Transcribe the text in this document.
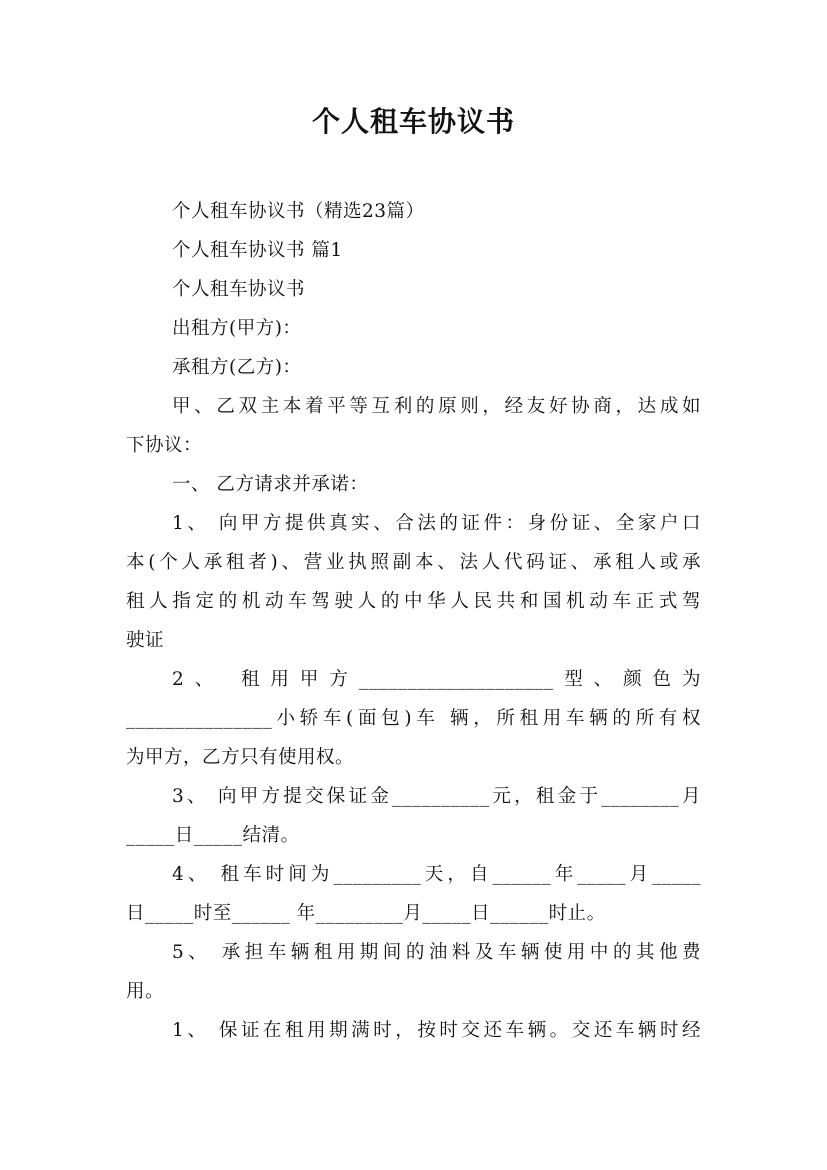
个人租车协议书
个人租车协议书（精选23篇）
个人租车协议书 篇1
个人租车协议书
出租方(甲方)：
承租方(乙方)：
甲、乙双主本着平等互利的原则，经友好协商，达成如
下协议：
一、 乙方请求并承诺：
1、 向甲方提供真实、合法的证件：身份证、全家户口
本(个人承租者)、营业执照副本、法人代码证、承租人或承
租人指定的机动车驾驶人的中华人民共和国机动车正式驾
驶证
2、 租用甲方____________________型、颜色为
_______________小轿车(面包)车 辆，所租用车辆的所有权
为甲方，乙方只有使用权。
3、 向甲方提交保证金__________元，租金于________月
_____日_____结清。
4、 租车时间为_________天，自______年_____月_____
日_____时至______ 年_________月_____日______时止。
5、 承担车辆租用期间的油料及车辆使用中的其他费
用。
1、 保证在租用期满时，按时交还车辆。交还车辆时经
